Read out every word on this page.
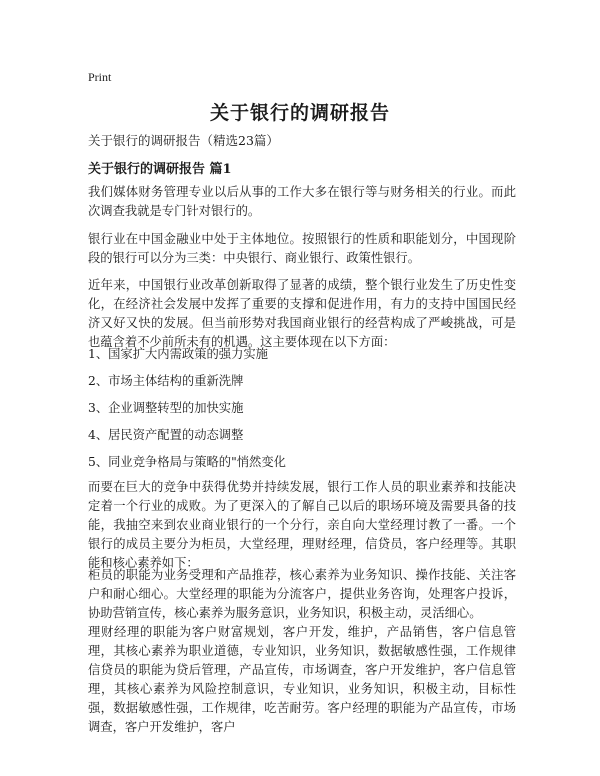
Print
关于银行的调研报告
关于银行的调研报告（精选23篇）
关于银行的调研报告 篇1

我们媒体财务管理专业以后从事的工作大多在银行等与财务相关的行业。而此次调查我就是专门针对银行的。

银行业在中国金融业中处于主体地位。按照银行的性质和职能划分，中国现阶段的银行可以分为三类：中央银行、商业银行、政策性银行。

近年来，中国银行业改革创新取得了显著的成绩，整个银行业发生了历史性变化，在经济社会发展中发挥了重要的支撑和促进作用，有力的支持中国国民经济又好又快的发展。但当前形势对我国商业银行的经营构成了严峻挑战，可是也蕴含着不少前所未有的机遇。这主要体现在以下方面：

1、国家扩大内需政策的强力实施

2、市场主体结构的重新洗牌

3、企业调整转型的加快实施

4、居民资产配置的动态调整

5、同业竞争格局与策略的"悄然变化

而要在巨大的竞争中获得优势并持续发展，银行工作人员的职业素养和技能决定着一个行业的成败。为了更深入的了解自己以后的职场环境及需要具备的技能，我抽空来到农业商业银行的一个分行，亲自向大堂经理讨教了一番。一个银行的成员主要分为柜员，大堂经理，理财经理，信贷员，客户经理等。其职能和核心素养如下：

柜员的职能为业务受理和产品推荐，核心素养为业务知识、操作技能、关注客户和耐心细心。大堂经理的职能为分流客户，提供业务咨询，处理客户投诉，协助营销宣传，核心素养为服务意识，业务知识，积极主动，灵活细心。

理财经理的职能为客户财富规划，客户开发，维护，产品销售，客户信息管理，其核心素养为职业道德，专业知识，业务知识，数据敏感性强，工作规律信贷员的职能为贷后管理，产品宣传，市场调查，客户开发维护，客户信息管理，其核心素养为风险控制意识，专业知识，业务知识，积极主动，目标性强，数据敏感性强，工作规律，吃苦耐劳。客户经理的职能为产品宣传，市场调查，客户开发维护，客户
